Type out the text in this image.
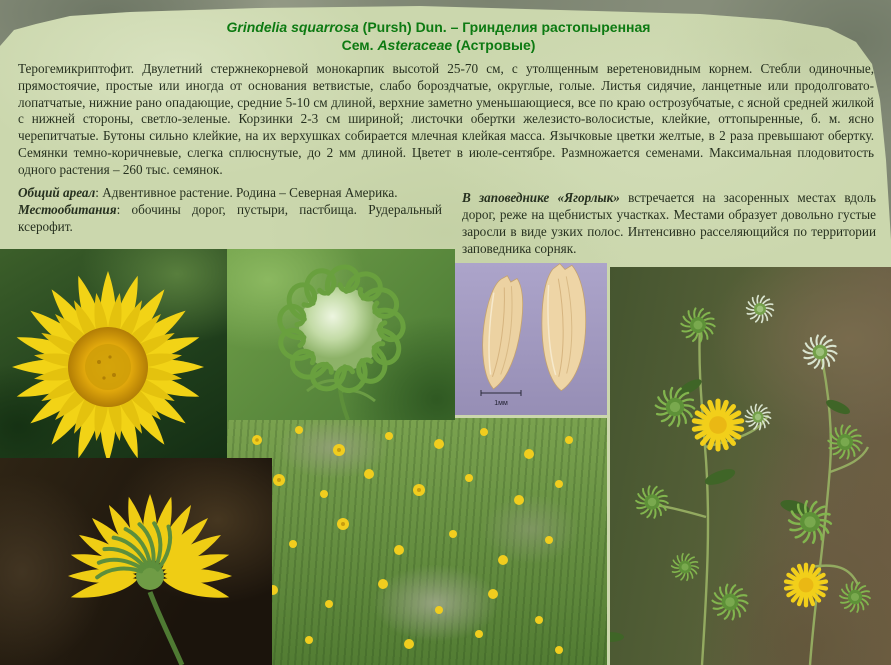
Grindelia squarrosa (Pursh) Dun. – Гринделия растопыренная
Сем. Asteraceae (Астровые)
Терогемикриптофит. Двулетний стержнекорневой монокарпик высотой 25-70 см, с утолщенным веретеновидным корнем. Стебли одиночные, прямостоячие, простые или иногда от основания ветвистые, слабо бороздчатые, округлые, голые. Листья сидячие, ланцетные или продолговато-лопатчатые, нижние рано опадающие, средние 5-10 см длиной, верхние заметно уменьшающиеся, все по краю острозубчатые, с ясной средней жилкой с нижней стороны, светло-зеленые. Корзинки 2-3 см шириной; листочки обертки железисто-волосистые, клейкие, оттопыренные, б. м. ясно черепитчатые. Бутоны сильно клейкие, на их верхушках собирается млечная клейкая масса. Язычковые цветки желтые, в 2 раза превышают обертку. Семянки темно-коричневые, слегка сплюснутые, до 2 мм длиной. Цветет в июле-сентябре. Размножается семенами. Максимальная плодовитость одного растения – 260 тыс. семянок.
Общий ареал: Адвентивное растение. Родина – Северная Америка.
Местообитания: обочины дорог, пустыри, пастбища. Рудеральный ксерофит.
В заповеднике «Ягорлык» встречается на засоренных местах вдоль дорог, реже на щебнистых участках. Местами образует довольно густые заросли в виде узких полос. Интенсивно расселяющийся по территории заповедника сорняк.
1мм
